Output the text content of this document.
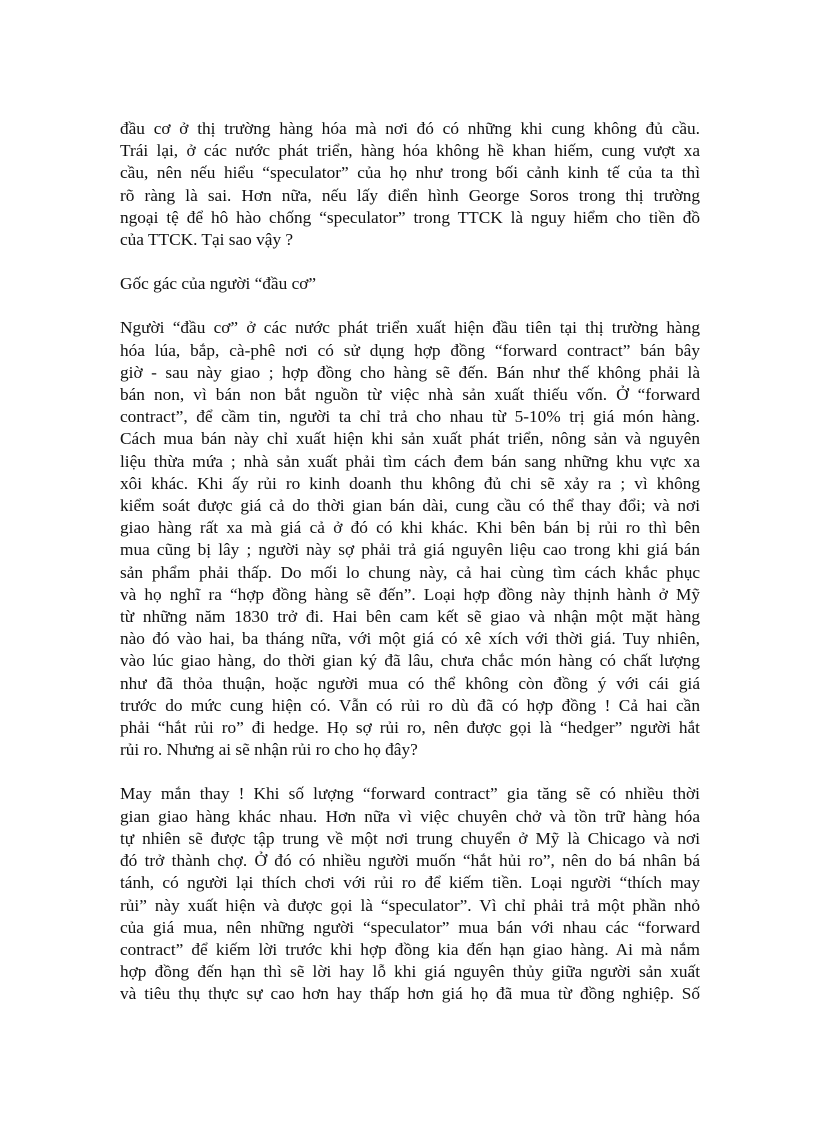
đầu cơ ở thị trường hàng hóa mà nơi đó có những khi cung không đủ cầu.
Trái lại, ở các nước phát triển, hàng hóa không hề khan hiếm, cung vượt xa
cầu, nên nếu hiểu “speculator” của họ như trong bối cảnh kinh tế của ta thì
rõ ràng là sai. Hơn nữa, nếu lấy điển hình George Soros trong thị trường
ngoại tệ để hô hào chống “speculator” trong TTCK là nguy hiểm cho tiền đồ
của TTCK. Tại sao vậy ?

Gốc gác của người “đầu cơ”

Người “đầu cơ” ở các nước phát triển xuất hiện đầu tiên tại thị trường hàng
hóa lúa, bắp, cà-phê nơi có sử dụng hợp đồng “forward contract” bán bây
giờ - sau này giao ; hợp đồng cho hàng sẽ đến. Bán như thế không phải là
bán non, vì bán non bắt nguồn từ việc nhà sản xuất thiếu vốn. Ở “forward
contract”, để cầm tin, người ta chỉ trả cho nhau từ 5-10% trị giá món hàng.
Cách mua bán này chỉ xuất hiện khi sản xuất phát triển, nông sản và nguyên
liệu thừa mứa ; nhà sản xuất phải tìm cách đem bán sang những khu vực xa
xôi khác. Khi ấy rủi ro kinh doanh thu không đủ chi sẽ xảy ra ; vì không
kiểm soát được giá cả do thời gian bán dài, cung cầu có thể thay đổi; và nơi
giao hàng rất xa mà giá cả ở đó có khi khác. Khi bên bán bị rủi ro thì bên
mua cũng bị lây ; người này sợ phải trả giá nguyên liệu cao trong khi giá bán
sản phẩm phải thấp. Do mối lo chung này, cả hai cùng tìm cách khắc phục
và họ nghĩ ra “hợp đồng hàng sẽ đến”. Loại hợp đồng này thịnh hành ở Mỹ
từ những năm 1830 trở đi. Hai bên cam kết sẽ giao và nhận một mặt hàng
nào đó vào hai, ba tháng nữa, với một giá có xê xích với thời giá. Tuy nhiên,
vào lúc giao hàng, do thời gian ký đã lâu, chưa chắc món hàng có chất lượng
như đã thỏa thuận, hoặc người mua có thể không còn đồng ý với cái giá
trước do mức cung hiện có. Vẫn có rủi ro dù đã có hợp đồng ! Cả hai cần
phải “hắt rủi ro” đi hedge. Họ sợ rủi ro, nên được gọi là “hedger” người hắt
rủi ro. Nhưng ai sẽ nhận rủi ro cho họ đây?

May mắn thay ! Khi số lượng “forward contract” gia tăng sẽ có nhiều thời
gian giao hàng khác nhau. Hơn nữa vì việc chuyên chở và tồn trữ hàng hóa
tự nhiên sẽ được tập trung về một nơi trung chuyển ở Mỹ là Chicago và nơi
đó trở thành chợ. Ở đó có nhiều người muốn “hắt hủi ro”, nên do bá nhân bá
tánh, có người lại thích chơi với rủi ro để kiếm tiền. Loại người “thích may
rủi” này xuất hiện và được gọi là “speculator”. Vì chỉ phải trả một phần nhỏ
của giá mua, nên những người “speculator” mua bán với nhau các “forward
contract” để kiếm lời trước khi hợp đồng kia đến hạn giao hàng. Ai mà nắm
hợp đồng đến hạn thì sẽ lời hay lỗ khi giá nguyên thủy giữa người sản xuất
và tiêu thụ thực sự cao hơn hay thấp hơn giá họ đã mua từ đồng nghiệp. Số
